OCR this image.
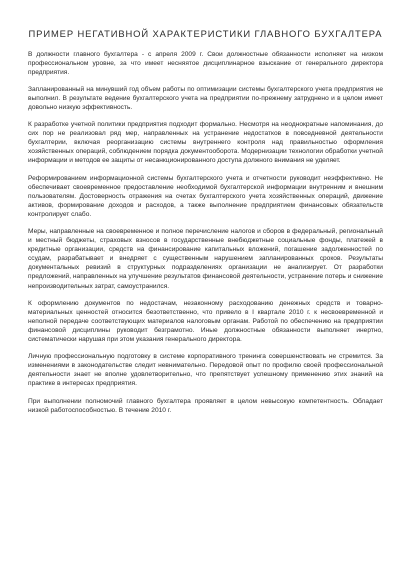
ПРИМЕР НЕГАТИВНОЙ ХАРАКТЕРИСТИКИ ГЛАВНОГО БУХГАЛТЕРА

В должности главного бухгалтера - с апреля 2009 г. Свои должностные обязанности исполняет на низком профессиональном уровне, за что имеет несняятое дисциплинарное взыскание от генерального директора предприятия.

Запланированный на минувший год объем работы по оптимизации системы бухгалтерского учета предприятия не выполнил. В результате ведение бухгалтерского учета на предприятии по-прежнему затруднено и в целом имеет довольно низкую эффективность.

К разработке учетной политики предприятия подходит формально. Несмотря на неоднократные напоминания, до сих пор не реализовал ряд мер, направленных на устранение недостатков в повседневной деятельности бухгалтерии, включая реорганизацию системы внутреннего контроля над правильностью оформления хозяйственных операций, соблюдением порядка документооборота. Модернизации технологии обработки учетной информации и методов ее защиты от несанкционированного доступа должного внимания не уделяет.

Реформированием информационной системы бухгалтерского учета и отчетности руководит неэффективно. Не обеспечивает своевременное предоставление необходимой бухгалтерской информации внутренним и внешним пользователям. Достоверность отражения на счетах бухгалтерского учета хозяйственных операций, движение активов, формирование доходов и расходов, а также выполнение предприятием финансовых обязательств контролирует слабо.

Меры, направленные на своевременное и полное перечисление налогов и сборов в федеральный, региональный и местный бюджеты, страховых взносов в государственные внебюджетные социальные фонды, платежей в кредитные организации, средств на финансирование капитальных вложений, погашение задолженностей по ссудам, разрабатывает и внедряет с существенным нарушением запланированных сроков. Результаты документальных ревизий в структурных подразделениях организации не анализирует. От разработки предложений, направленных на улучшение результатов финансовой деятельности, устранение потерь и снижение непроизводительных затрат, самоустранился.

К оформлению документов по недостачам, незаконному расходованию денежных средств и товарно-материальных ценностей относится безответственно, что привело в I квартале 2010 г. к несвоевременной и неполной передаче соответствующих материалов налоговым органам. Работой по обеспечению на предприятии финансовой дисциплины руководит безграмотно. Иные должностные обязанности выполняет инертно, систематически нарушая при этом указания генерального директора.

Личную профессиональную подготовку в системе корпоративного тренинга совершенствовать не стремится. За изменениями в законодательстве следит невнимательно. Передовой опыт по профилю своей профессиональной деятельности знает не вполне удовлетворительно, что препятствует успешному применению этих знаний на практике в интересах предприятия.

При выполнении полномочий главного бухгалтера проявляет в целом невысокую компетентность. Обладает низкой работоспособностью. В течение 2010 г.
